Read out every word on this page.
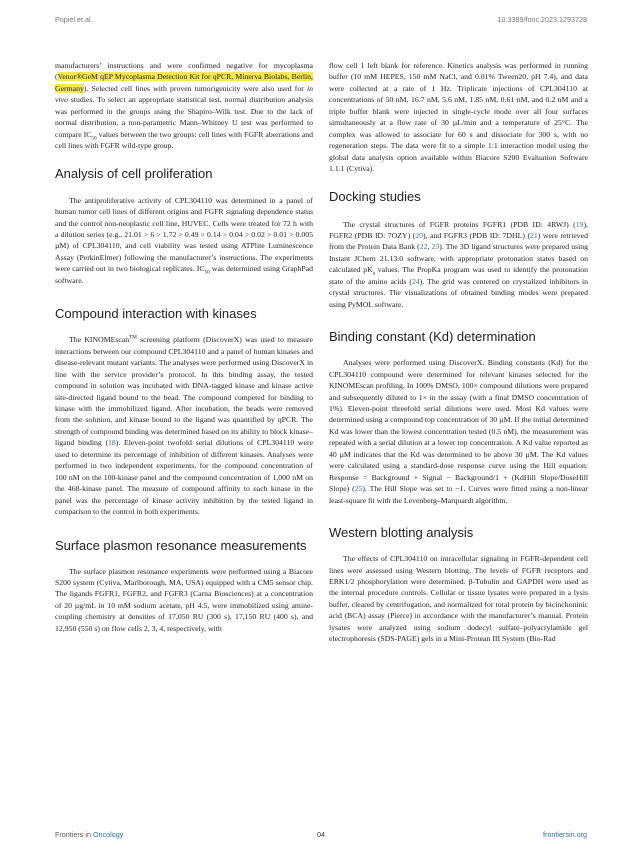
Popiel et al.	10.3389/fonc.2023.1293728

manufacturers’ instructions and were confirmed negative for mycoplasma (Venor®GeM qEP Mycoplasma Detection Kit for qPCR, Minerva Biolabs, Berlin, Germany). Selected cell lines with proven tumorigenicity were also used for in vivo studies. To select an appropriate statistical test, normal distribution analysis was performed in the groups using the Shapiro–Wilk test. Due to the lack of normal distribution, a non-parametric Mann–Whitney U test was performed to compare $IC_{50}$ values between the two groups: cell lines with FGFR aberrations and cell lines with FGFR wild-type group.

Analysis of cell proliferation

The antiproliferative activity of CPL304110 was determined in a panel of human tumor cell lines of different origins and FGFR signaling dependence status and the control non-neoplastic cell line, HUVEC. Cells were treated for 72 h with a dilution series (e.g., 21.01 > 6 > 1.72 > 0.49 > 0.14 > 0.04 > 0.02 > 0.01 > 0.005 µM) of CPL304110, and cell viability was tested using ATPlite Luminescence Assay (PerkinElmer) following the manufacturer’s instructions. The experiments were carried out in two biological replicates. $IC_{50}$ was determined using GraphPad software.

Compound interaction with kinases

The KINOMEscan™ screening platform (DiscoverX) was used to measure interactions between our compound CPL304110 and a panel of human kinases and disease-relevant mutant variants. The analyses were performed using DiscoverX in line with the service provider’s protocol. In this binding assay, the tested compound in solution was incubated with DNA-tagged kinase and kinase active site-directed ligand bound to the bead. The compound competed for binding to kinase with the immobilized ligand. After incubation, the beads were removed from the solution, and kinase bound to the ligand was quantified by qPCR. The strength of compound binding was determined based on its ability to block kinase–ligand binding (18). Eleven-point twofold serial dilutions of CPL304110 were used to determine its percentage of inhibition of different kinases. Analyses were performed in two independent experiments, for the compound concentration of 100 nM on the 100-kinase panel and the compound concentration of 1,000 nM on the 468-kinase panel. The measure of compound affinity to each kinase in the panel was the percentage of kinase activity inhibition by the tested ligand in comparison to the control in both experiments.

Surface plasmon resonance measurements

The surface plasmon resonance experiments were performed using a Biacore S200 system (Cytiva, Marlborough, MA, USA) equipped with a CM5 sensor chip. The ligands FGFR1, FGFR2, and FGFR3 (Carna Biosciences) at a concentration of 20 µg/mL in 10 mM sodium acetate, pH 4.5, were immobilized using amine-coupling chemistry at densities of 17,050 RU (300 s), 17,150 RU (400 s), and 12,950 (550 s) on flow cells 2, 3, 4, respectively, with

flow cell 1 left blank for reference. Kinetics analysis was performed in running buffer (10 mM HEPES, 150 mM NaCl, and 0.01% Tween20, pH 7.4), and data were collected at a rate of 1 Hz. Triplicate injections of CPL304110 at concentrations of 50 nM, 16.7 nM, 5.6 nM, 1.85 nM, 0.61 nM, and 0.2 nM and a triple buffer blank were injected in single-cycle mode over all four surfaces simultaneously at a flow rate of 30 µL/min and a temperature of 25°C. The complex was allowed to associate for 60 s and dissociate for 300 s, with no regeneration steps. The data were fit to a simple 1:1 interaction model using the global data analysis option available within Biacore S200 Evaluation Software 1.1.1 (Cytiva).

Docking studies

The crystal structures of FGFR proteins FGFR1 (PDB ID: 4RWJ) (19), FGFR2 (PDB ID: 7OZY) (20), and FGFR3 (PDB ID: 7DHL) (21) were retrieved from the Protein Data Bank (22, 23). The 3D ligand structures were prepared using Instant JChem 21.13.0 software, with appropriate protonation states based on calculated $pK_a$ values. The PropKa program was used to identify the protonation state of the amino acids (24). The grid was centered on crystalized inhibitors in crystal structures. The visualizations of obtained binding modes were prepared using PyMOL software.

Binding constant (Kd) determination

Analyses were performed using DiscoverX. Binding constants (Kd) for the CPL304110 compound were determined for relevant kinases selected for the KINOMEscan profiling. In 100% DMSO, 100× compound dilutions were prepared and subsequently diluted to 1× in the assay (with a final DMSO concentration of 1%). Eleven-point threefold serial dilutions were used. Most Kd values were determined using a compound top concentration of 30 µM. If the initial determined Kd was lower than the lowest concentration tested (0.5 nM), the measurement was repeated with a serial dilution at a lower top concentration. A Kd value reported as 40 µM indicates that the Kd was determined to be above 30 µM. The Kd values were calculated using a standard-dose response curve using the Hill equation: Response = Background + Signal − Background/1 + (KdHill Slope/DoseHill Slope) (25). The Hill Slope was set to −1. Curves were fitted using a non-linear least-square fit with the Levenberg–Marquardt algorithm.

Western blotting analysis

The effects of CPL304110 on intracellular signaling in FGFR-dependent cell lines were assessed using Western blotting. The levels of FGFR receptors and ERK1/2 phosphorylation were determined. β-Tubulin and GAPDH were used as the internal procedure controls. Cellular or tissue lysates were prepared in a lysis buffer, cleared by centrifugation, and normalized for total protein by bicinchoninic acid (BCA) assay (Pierce) in accordance with the manufacturer’s manual. Protein lysates were analyzed using sodium dodecyl sulfate–polyacrylamide gel electrophoresis (SDS-PAGE) gels in a Mini-Protean III System (Bio-Rad

Frontiers in Oncology	04	frontiersin.org
